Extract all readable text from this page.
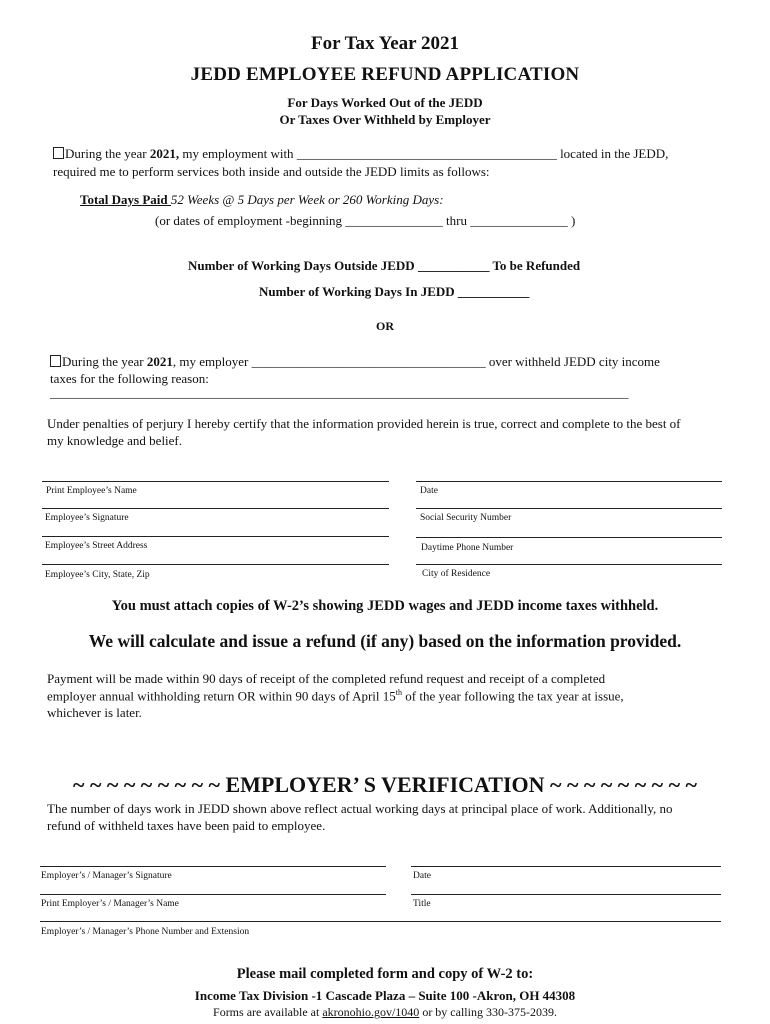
For Tax Year 2021
JEDD EMPLOYEE REFUND APPLICATION
For Days Worked Out of the JEDD
Or Taxes Over Withheld by Employer
During the year 2021, my employment with ________________________________________ located in the JEDD,
required me to perform services both inside and outside the JEDD limits as follows:
Total Days Paid 52 Weeks @ 5 Days per Week or 260 Working Days:
(or dates of employment -beginning _______________ thru _______________ )
Number of Working Days Outside JEDD ___________ To be Refunded
Number of Working Days In JEDD ___________
OR
During the year 2021, my employer ____________________________________ over withheld JEDD city income
taxes for the following reason:
_________________________________________________________________________________________
Under penalties of perjury I hereby certify that the information provided herein is true, correct and complete to the best of
my knowledge and belief.
Print Employee’s Name	Date
Employee’s Signature	Social Security Number
Employee’s Street Address	Daytime Phone Number
Employee’s City, State, Zip	City of Residence
You must attach copies of W-2’s showing JEDD wages and JEDD income taxes withheld.
We will calculate and issue a refund (if any) based on the information provided.
Payment will be made within 90 days of receipt of the completed refund request and receipt of a completed
employer annual withholding return OR within 90 days of April 15th of the year following the tax year at issue,
whichever is later.
~ ~ ~ ~ ~ ~ ~ ~ ~ EMPLOYER’ S VERIFICATION ~ ~ ~ ~ ~ ~ ~ ~ ~
The number of days work in JEDD shown above reflect actual working days at principal place of work. Additionally, no
refund of withheld taxes have been paid to employee.
Employer’s / Manager’s Signature	Date
Print Employer’s / Manager’s Name	Title
Employer’s / Manager’s Phone Number and Extension
Please mail completed form and copy of W-2 to:
Income Tax Division -1 Cascade Plaza – Suite 100 -Akron, OH 44308
Forms are available at akronohio.gov/1040 or by calling 330-375-2039.
